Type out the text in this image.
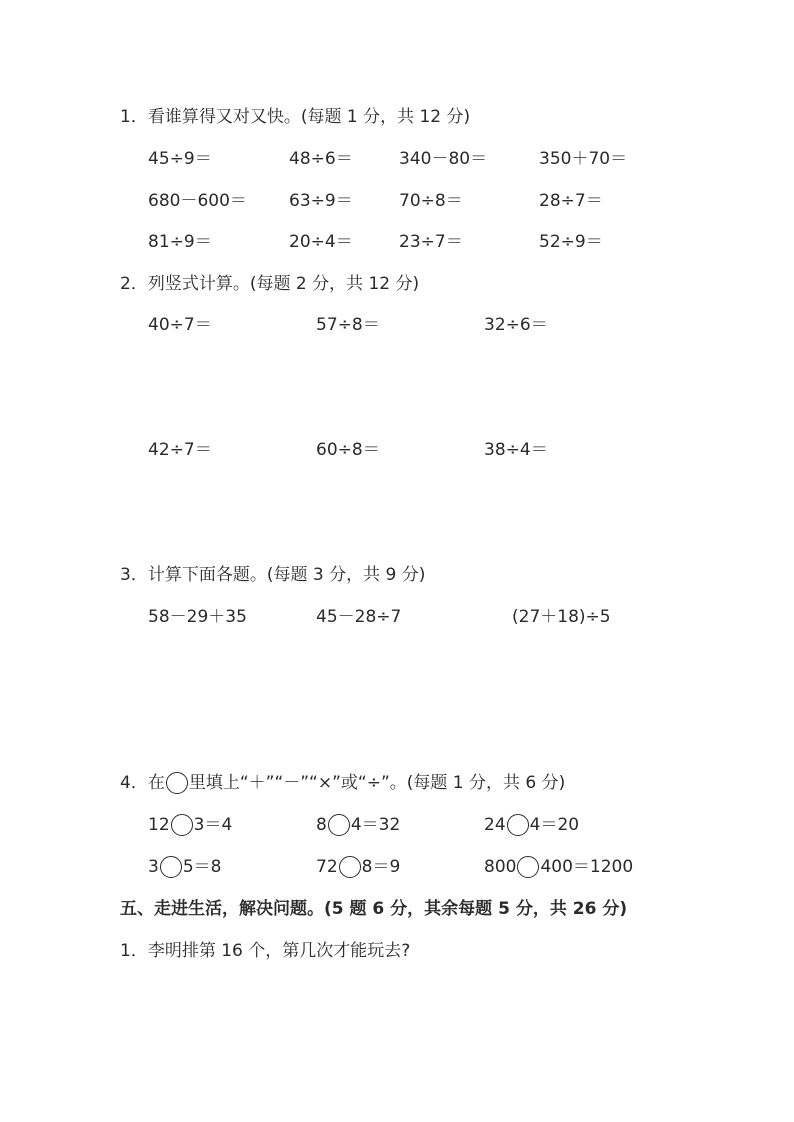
1．看谁算得又对又快。(每题 1 分，共 12 分)
45÷9＝	48÷6＝	340－80＝	350＋70＝
680－600＝ 63÷9＝	70÷8＝	28÷7＝
81÷9＝	20÷4＝	23÷7＝	52÷9＝
2．列竖式计算。(每题 2 分，共 12 分)
40÷7＝	57÷8＝	32÷6＝
42÷7＝	60÷8＝	38÷4＝
3．计算下面各题。(每题 3 分，共 9 分)
58－29＋35	45－28÷7	(27＋18)÷5
4．在 里填上“＋”“－”“×”或“÷”。(每题 1 分，共 6 分)
12 3＝4	8 4＝32	24 4＝20
3 5＝8	72 8＝9	800 400＝1200
五、走进生活，解决问题。(5 题 6 分，其余每题 5 分，共 26 分)
1．李明排第 16 个，第几次才能玩去?
